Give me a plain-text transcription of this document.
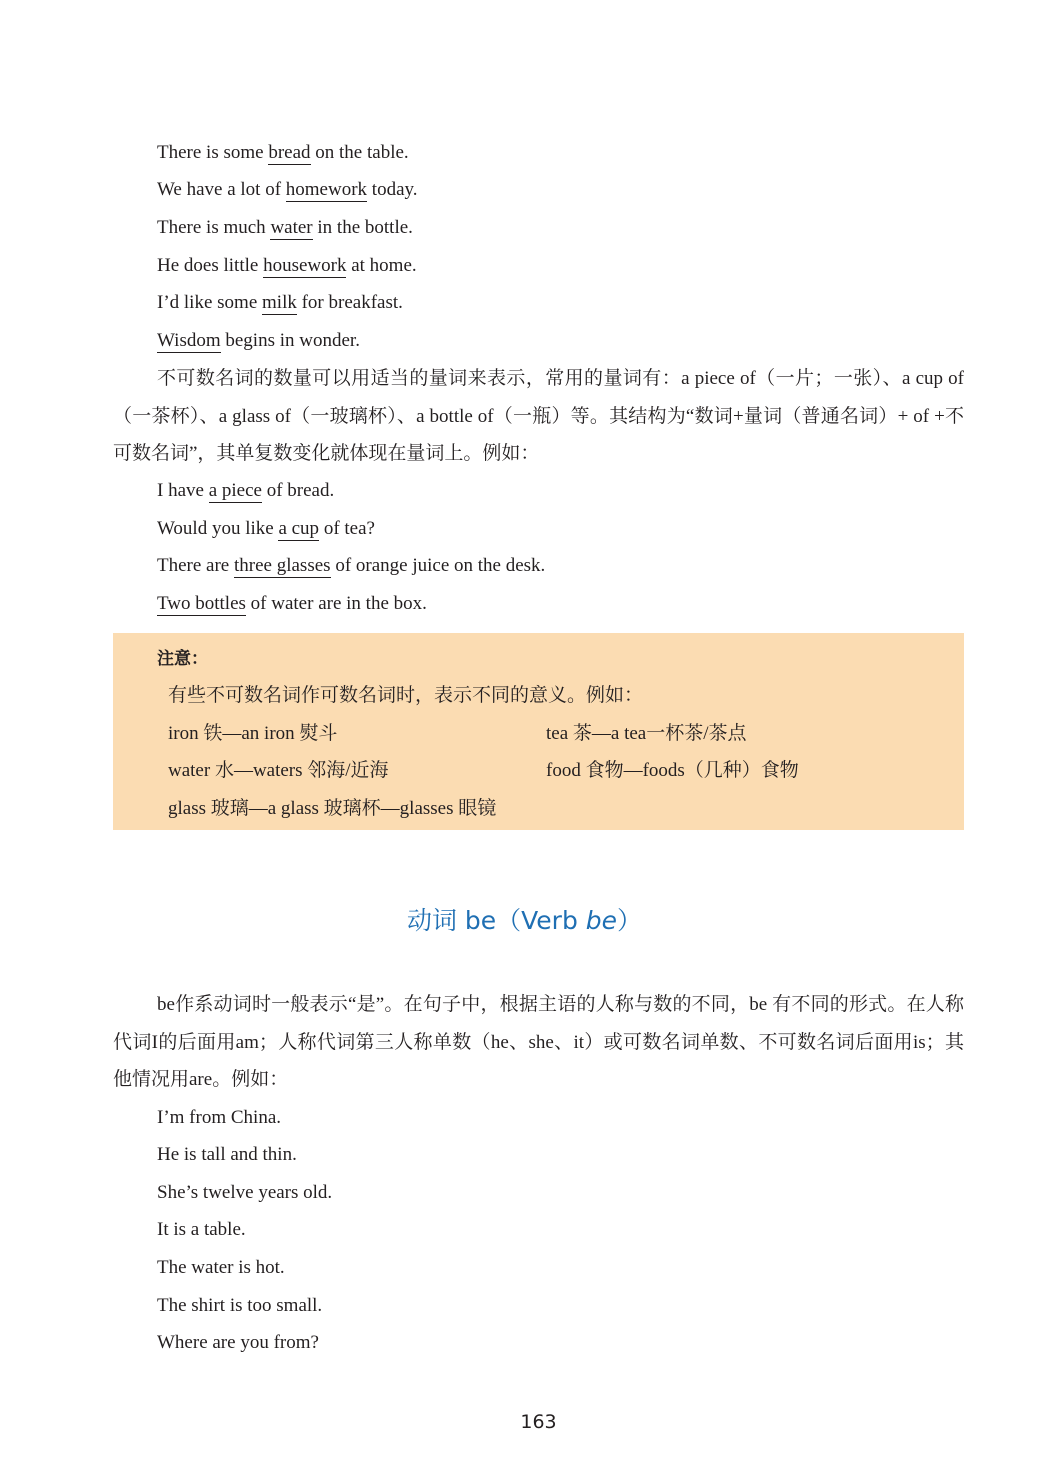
There is some bread on the table.
We have a lot of homework today.
There is much water in the bottle.
He does little housework at home.
I’d like some milk for breakfast.
Wisdom begins in wonder.
不可数名词的数量可以用适当的量词来表示，常用的量词有：a piece of（一片；一张）、a cup of（一茶杯）、a glass of（一玻璃杯）、a bottle of（一瓶）等。其结构为“数词+量词（普通名词）+ of +不可数名词”，其单复数变化就体现在量词上。例如：
I have a piece of bread.
Would you like a cup of tea?
There are three glasses of orange juice on the desk.
Two bottles of water are in the box.
注意：
有些不可数名词作可数名词时，表示不同的意义。例如：
iron 铁—an iron 熨斗	tea 茶—a tea一杯茶/茶点
water 水—waters 邻海/近海	food 食物—foods（几种）食物
glass 玻璃—a glass 玻璃杯—glasses 眼镜
动词 be（Verb be）
be作系动词时一般表示“是”。在句子中，根据主语的人称与数的不同，be 有不同的形式。在人称代词I的后面用am；人称代词第三人称单数（he、she、it）或可数名词单数、不可数名词后面用is；其他情况用are。例如：
I’m from China.
He is tall and thin.
She’s twelve years old.
It is a table.
The water is hot.
The shirt is too small.
Where are you from?
163
